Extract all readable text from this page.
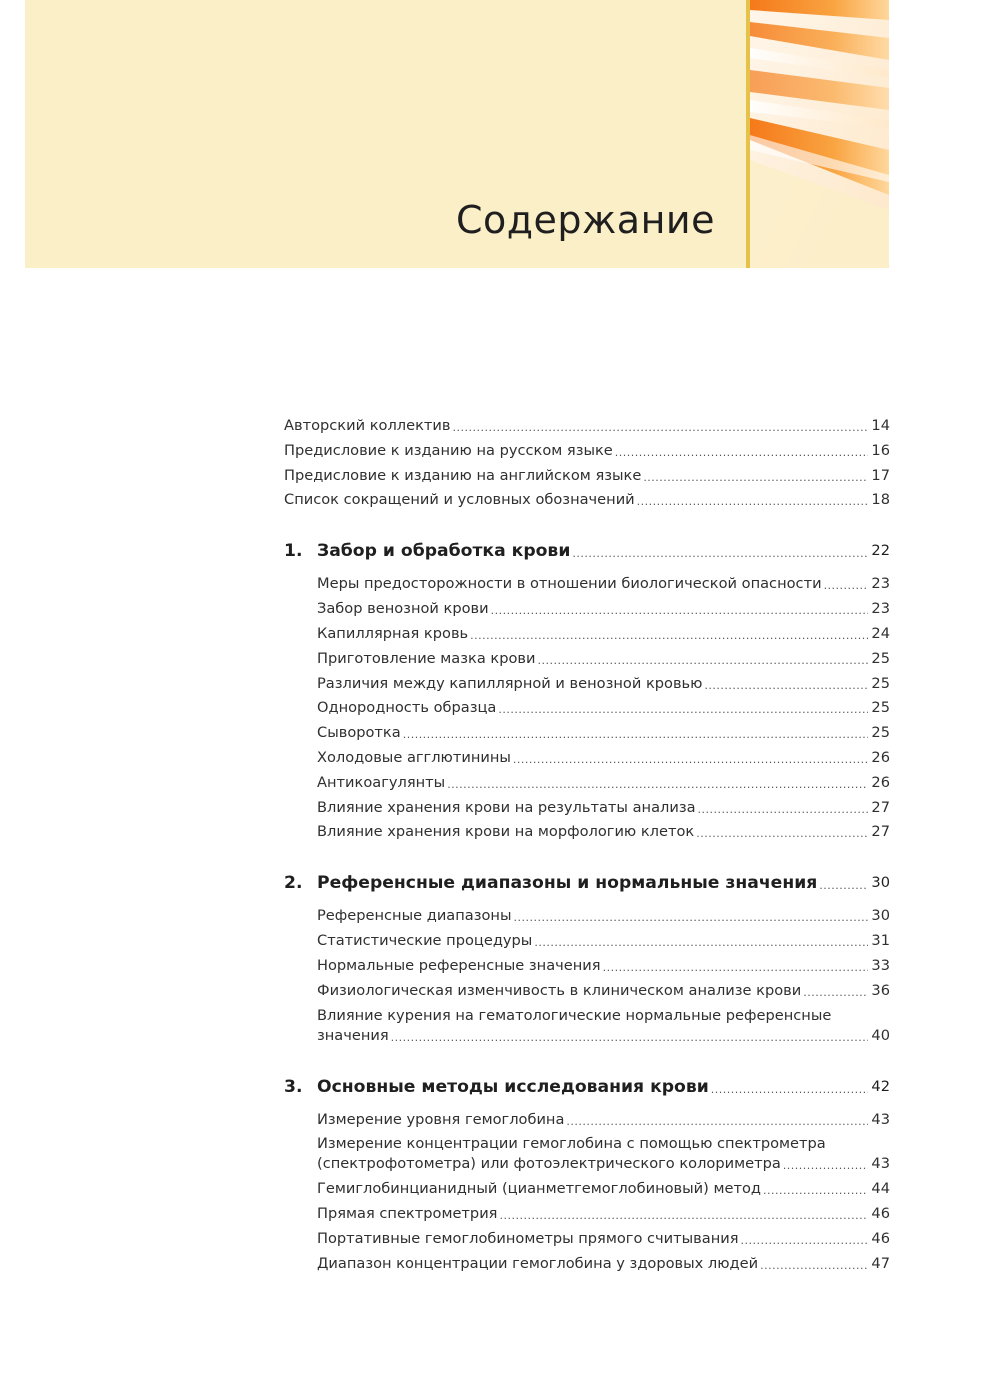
Содержание
Авторский коллектив .....	14
Предисловие к изданию на русском языке .....	16
Предисловие к изданию на английском языке .....	17
Список сокращений и условных обозначений .....	18
1. Забор и обработка крови .....	22
Меры предосторожности в отношении биологической опасности .....	23
Забор венозной крови .....	23
Капиллярная кровь .....	24
Приготовление мазка крови .....	25
Различия между капиллярной и венозной кровью .....	25
Однородность образца .....	25
Сыворотка .....	25
Холодовые агглютинины .....	26
Антикоагулянты .....	26
Влияние хранения крови на результаты анализа .....	27
Влияние хранения крови на морфологию клеток .....	27
2. Референсные диапазоны и нормальные значения .....	30
Референсные диапазоны .....	30
Статистические процедуры .....	31
Нормальные референсные значения .....	33
Физиологическая изменчивость в клиническом анализе крови .....	36
Влияние курения на гематологические нормальные референсные
значения .....	40
3. Основные методы исследования крови .....	42
Измерение уровня гемоглобина .....	43
Измерение концентрации гемоглобина с помощью спектрометра
(спектрофотометра) или фотоэлектрического колориметра .....	43
Гемиглобинцианидный (цианметгемоглобиновый) метод .....	44
Прямая спектрометрия .....	46
Портативные гемоглобинометры прямого считывания .....	46
Диапазон концентрации гемоглобина у здоровых людей .....	47
